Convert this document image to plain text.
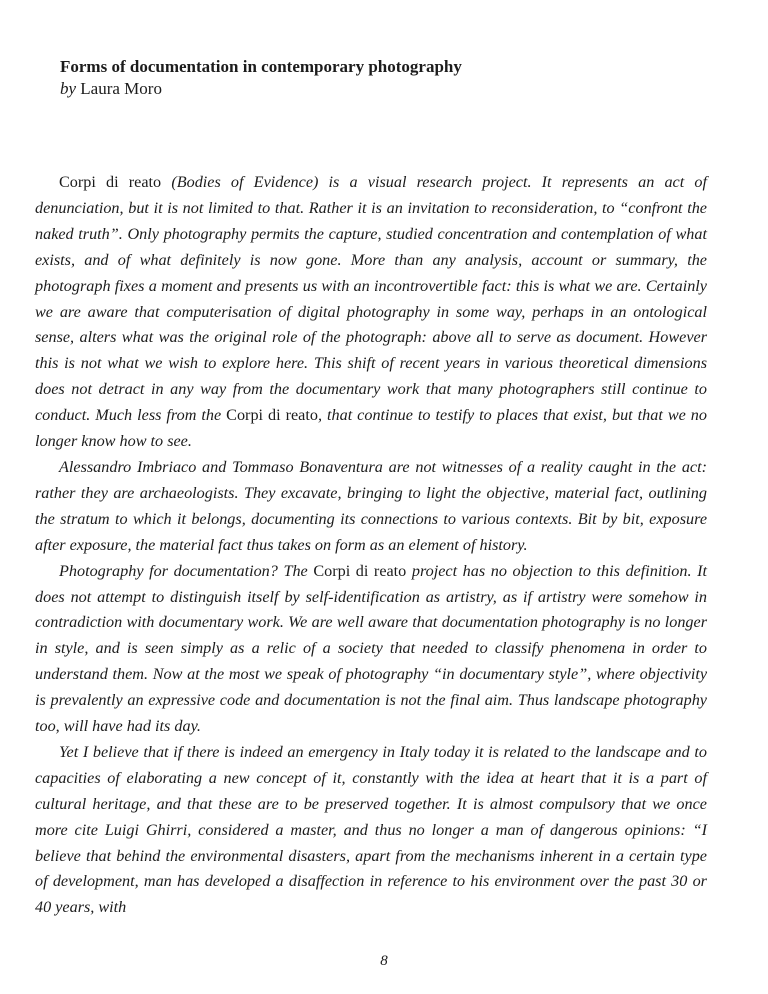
Forms of documentation in contemporary photography

by Laura Moro

Corpi di reato (Bodies of Evidence) is a visual research project. It represents an act of denunciation, but it is not limited to that. Rather it is an invitation to reconsideration, to “confront the naked truth”. Only photography permits the capture, studied concentration and contemplation of what exists, and of what definitely is now gone. More than any analysis, account or summary, the photograph fixes a moment and presents us with an incontrovertible fact: this is what we are. Certainly we are aware that computerisation of digital photography in some way, perhaps in an ontological sense, alters what was the original role of the photograph: above all to serve as document. However this is not what we wish to explore here. This shift of recent years in various theoretical dimensions does not detract in any way from the documentary work that many photographers still continue to conduct. Much less from the Corpi di reato, that continue to testify to places that exist, but that we no longer know how to see.

Alessandro Imbriaco and Tommaso Bonaventura are not witnesses of a reality caught in the act: rather they are archaeologists. They excavate, bringing to light the objective, material fact, outlining the stratum to which it belongs, documenting its connections to various contexts. Bit by bit, exposure after exposure, the material fact thus takes on form as an element of history.

Photography for documentation? The Corpi di reato project has no objection to this definition. It does not attempt to distinguish itself by self-identification as artistry, as if artistry were somehow in contradiction with documentary work. We are well aware that documentation photography is no longer in style, and is seen simply as a relic of a society that needed to classify phenomena in order to understand them. Now at the most we speak of photography “in documentary style”, where objectivity is prevalently an expressive code and documentation is not the final aim. Thus landscape photography too, will have had its day.

Yet I believe that if there is indeed an emergency in Italy today it is related to the landscape and to capacities of elaborating a new concept of it, constantly with the idea at heart that it is a part of cultural heritage, and that these are to be preserved together. It is almost compulsory that we once more cite Luigi Ghirri, considered a master, and thus no longer a man of dangerous opinions: “I believe that behind the environmental disasters, apart from the mechanisms inherent in a certain type of development, man has developed a disaffection in reference to his environment over the past 30 or 40 years, with

8
